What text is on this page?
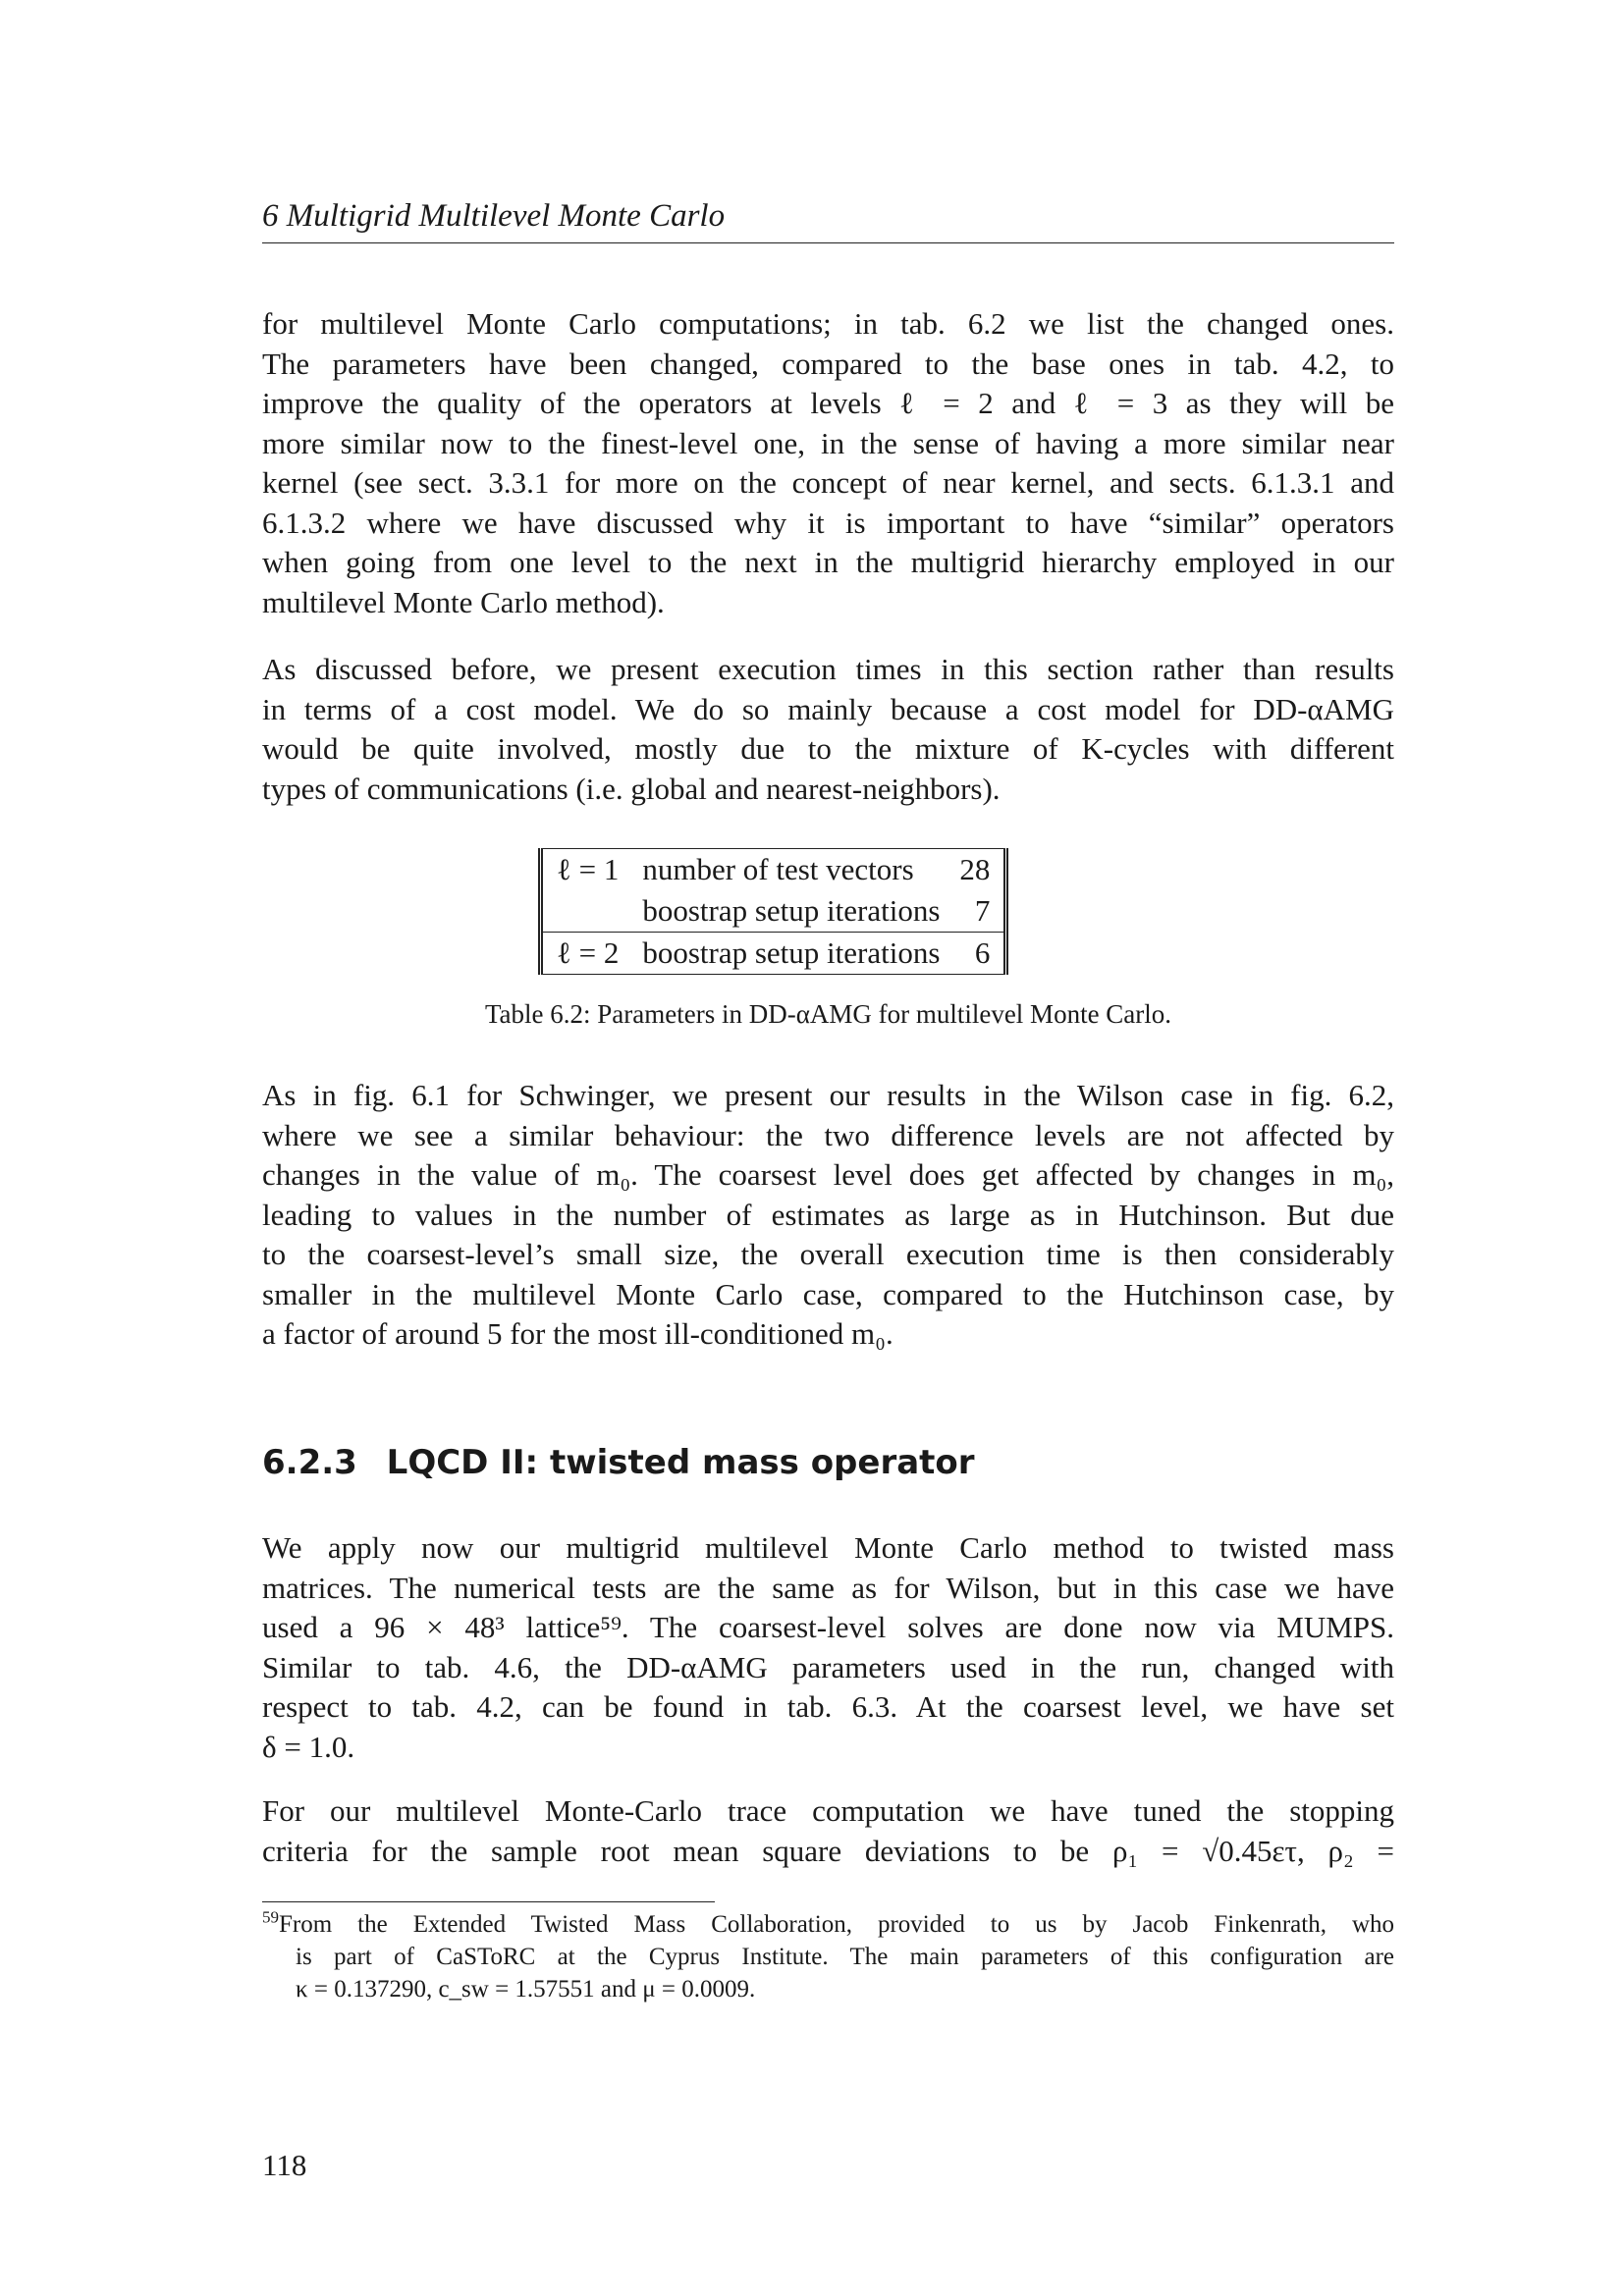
6 Multigrid Multilevel Monte Carlo
for multilevel Monte Carlo computations; in tab. 6.2 we list the changed ones.
The parameters have been changed, compared to the base ones in tab. 4.2, to
improve the quality of the operators at levels ℓ = 2 and ℓ = 3 as they will be
more similar now to the finest-level one, in the sense of having a more similar near
kernel (see sect. 3.3.1 for more on the concept of near kernel, and sects. 6.1.3.1 and
6.1.3.2 where we have discussed why it is important to have “similar” operators
when going from one level to the next in the multigrid hierarchy employed in our
multilevel Monte Carlo method).
As discussed before, we present execution times in this section rather than results
in terms of a cost model. We do so mainly because a cost model for DD-αAMG
would be quite involved, mostly due to the mixture of K-cycles with different
types of communications (i.e. global and nearest-neighbors).
ℓ = 1	number of test vectors	28
	boostrap setup iterations	7
ℓ = 2	boostrap setup iterations	6
Table 6.2: Parameters in DD-αAMG for multilevel Monte Carlo.
As in fig. 6.1 for Schwinger, we present our results in the Wilson case in fig. 6.2,
where we see a similar behaviour: the two difference levels are not affected by
changes in the value of m₀. The coarsest level does get affected by changes in m₀,
leading to values in the number of estimates as large as in Hutchinson. But due
to the coarsest-level’s small size, the overall execution time is then considerably
smaller in the multilevel Monte Carlo case, compared to the Hutchinson case, by
a factor of around 5 for the most ill-conditioned m₀.
6.2.3 LQCD II: twisted mass operator
We apply now our multigrid multilevel Monte Carlo method to twisted mass
matrices. The numerical tests are the same as for Wilson, but in this case we have
used a 96 × 48³ lattice⁵⁹. The coarsest-level solves are done now via MUMPS.
Similar to tab. 4.6, the DD-αAMG parameters used in the run, changed with
respect to tab. 4.2, can be found in tab. 6.3. At the coarsest level, we have set
δ = 1.0.
For our multilevel Monte-Carlo trace computation we have tuned the stopping
criteria for the sample root mean square deviations to be ρ₁ = √0.45ετ, ρ₂ =
$^{59}$From the Extended Twisted Mass Collaboration, provided to us by Jacob Finkenrath, who
is part of CaSToRC at the Cyprus Institute. The main parameters of this configuration are
κ = 0.137290, c_sw = 1.57551 and μ = 0.0009.
118
